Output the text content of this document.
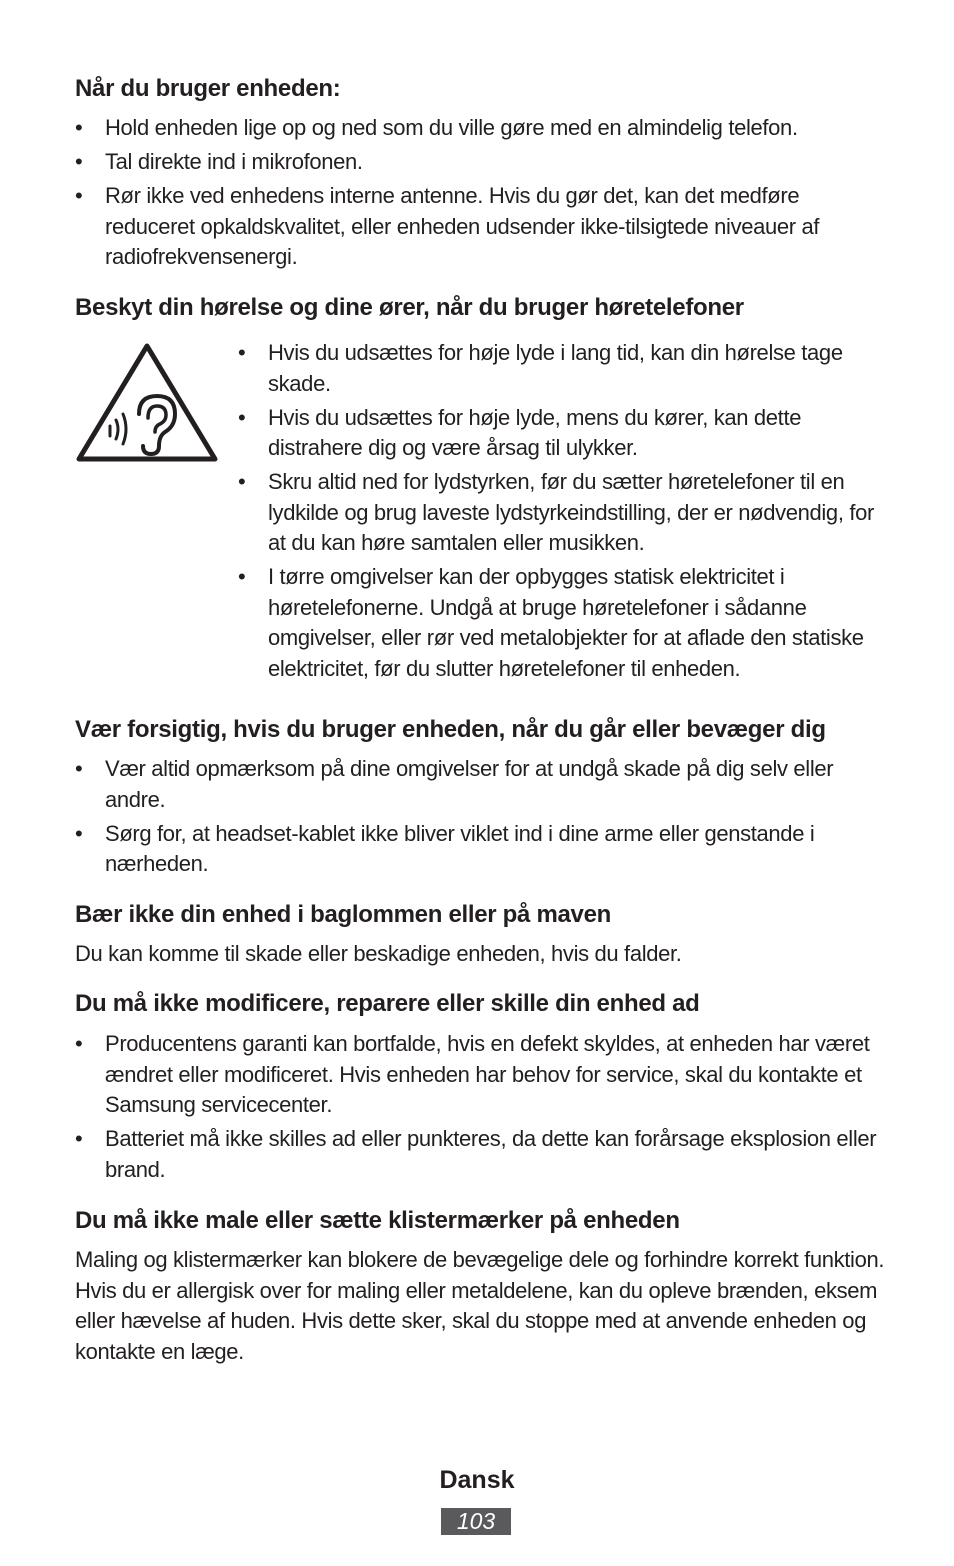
Når du bruger enheden:
•	Hold enheden lige op og ned som du ville gøre med en almindelig telefon.
•	Tal direkte ind i mikrofonen.
•	Rør ikke ved enhedens interne antenne. Hvis du gør det, kan det medføre reduceret opkaldskvalitet, eller enheden udsender ikke-tilsigtede niveauer af radiofrekvensenergi.
Beskyt din hørelse og dine ører, når du bruger høretelefoner
•	Hvis du udsættes for høje lyde i lang tid, kan din hørelse tage skade.
•	Hvis du udsættes for høje lyde, mens du kører, kan dette distrahere dig og være årsag til ulykker.
•	Skru altid ned for lydstyrken, før du sætter høretelefoner til en lydkilde og brug laveste lydstyrkeindstilling, der er nødvendig, for at du kan høre samtalen eller musikken.
•	I tørre omgivelser kan der opbygges statisk elektricitet i høretelefonerne. Undgå at bruge høretelefoner i sådanne omgivelser, eller rør ved metalobjekter for at aflade den statiske elektricitet, før du slutter høretelefoner til enheden.
Vær forsigtig, hvis du bruger enheden, når du går eller bevæger dig
•	Vær altid opmærksom på dine omgivelser for at undgå skade på dig selv eller andre.
•	Sørg for, at headset-kablet ikke bliver viklet ind i dine arme eller genstande i nærheden.
Bær ikke din enhed i baglommen eller på maven

Du kan komme til skade eller beskadige enheden, hvis du falder.

Du må ikke modificere, reparere eller skille din enhed ad
•	Producentens garanti kan bortfalde, hvis en defekt skyldes, at enheden har været ændret eller modificeret. Hvis enheden har behov for service, skal du kontakte et Samsung servicecenter.
•	Batteriet må ikke skilles ad eller punkteres, da dette kan forårsage eksplosion eller brand.
Du må ikke male eller sætte klistermærker på enheden

Maling og klistermærker kan blokere de bevægelige dele og forhindre korrekt funktion. Hvis du er allergisk over for maling eller metaldelene, kan du opleve brænden, eksem eller hævelse af huden. Hvis dette sker, skal du stoppe med at anvende enheden og kontakte en læge.

Dansk
103
